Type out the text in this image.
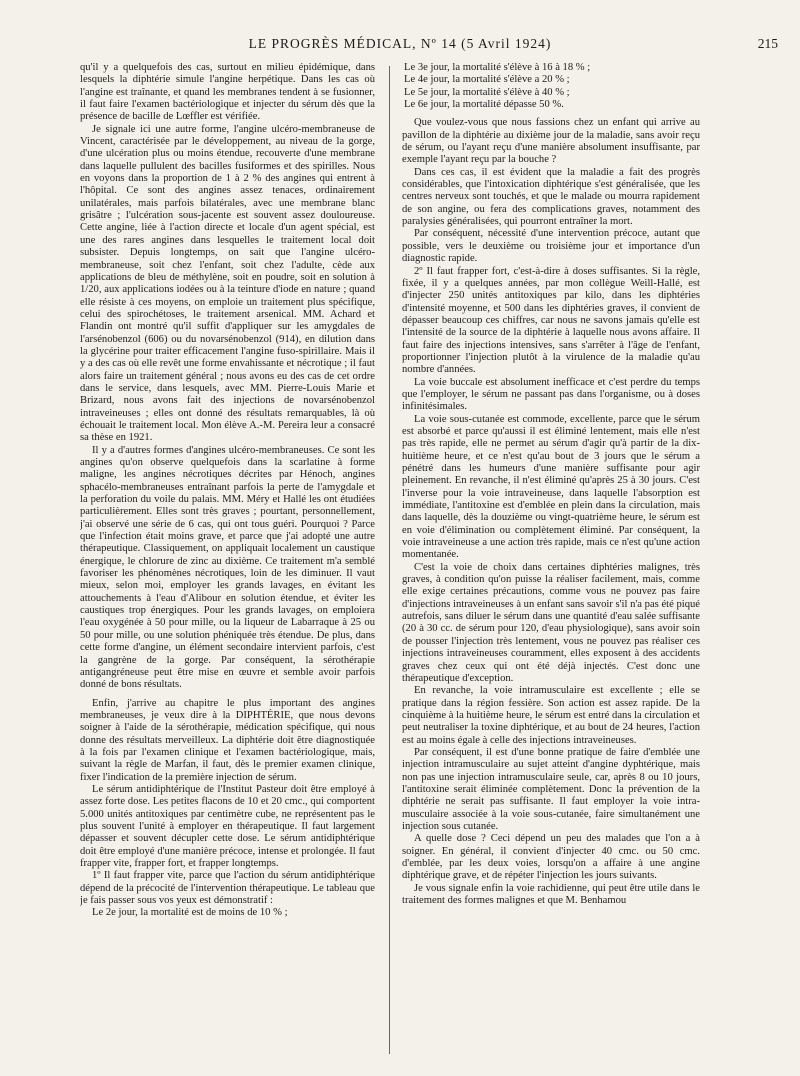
LE PROGRÈS MÉDICAL, Nº 14 (5 Avril 1924)	215

qu'il y a quelquefois des cas, surtout en milieu épidémique, dans lesquels la diphtérie simule l'angine herpétique. Dans les cas où l'angine est traînante, et quand les membranes tendent à se fusionner, il faut faire l'examen bactériologique et injecter du sérum dès que la présence de bacille de Lœffler est vérifiée.

Je signale ici une autre forme, l'angine ulcéro-membraneuse de Vincent, caractérisée par le développement, au niveau de la gorge, d'une ulcération plus ou moins étendue, recouverte d'une membrane dans laquelle pullulent des bacilles fusiformes et des spirilles. Nous en voyons dans la proportion de 1 à 2 % des angines qui entrent à l'hôpital. Ce sont des angines assez tenaces, ordinairement unilatérales, mais parfois bilatérales, avec une membrane blanc grisâtre ; l'ulcération sous-jacente est souvent assez douloureuse. Cette angine, liée à l'action directe et locale d'un agent spécial, est une des rares angines dans lesquelles le traitement local doit subsister. Depuis longtemps, on sait que l'angine ulcéro-membraneuse, soit chez l'enfant, soit chez l'adulte, cède aux applications de bleu de méthylène, soit en poudre, soit en solution à 1/20, aux applications iodées ou à la teinture d'iode en nature ; quand elle résiste à ces moyens, on emploie un traitement plus spécifique, celui des spirochétoses, le traitement arsenical. MM. Achard et Flandin ont montré qu'il suffit d'appliquer sur les amygdales de l'arsénobenzol (606) ou du novarsénobenzol (914), en dilution dans la glycérine pour traiter efficacement l'angine fuso-spirillaire. Mais il y a des cas où elle revêt une forme envahissante et nécrotique ; il faut alors faire un traitement général ; nous avons eu des cas de cet ordre dans le service, dans lesquels, avec MM. Pierre-Louis Marie et Brizard, nous avons fait des injections de novarsénobenzol intraveineuses ; elles ont donné des résultats remarquables, là où échouait le traitement local. Mon élève A.-M. Pereira leur a consacré sa thèse en 1921.

Il y a d'autres formes d'angines ulcéro-membraneuses. Ce sont les angines qu'on observe quelquefois dans la scarlatine à forme maligne, les angines nécrotiques décrites par Hénoch, angines sphacélo-membraneuses entraînant parfois la perte de l'amygdale et la perforation du voile du palais. MM. Méry et Hallé les ont étudiées particulièrement. Elles sont très graves ; pourtant, personnellement, j'ai observé une série de 6 cas, qui ont tous guéri. Pourquoi ? Parce que l'infection était moins grave, et parce que j'ai adopté une autre thérapeutique. Classiquement, on appliquait localement un caustique énergique, le chlorure de zinc au dixième. Ce traitement m'a semblé favoriser les phénomènes nécrotiques, loin de les diminuer. Il vaut mieux, selon moi, employer les grands lavages, en évitant les attouchements à l'eau d'Alibour en solution étendue, et éviter les caustiques trop énergiques. Pour les grands lavages, on emploiera l'eau oxygénée à 50 pour mille, ou la liqueur de Labarraque à 25 ou 50 pour mille, ou une solution phéniquée très étendue. De plus, dans cette forme d'angine, un élément secondaire intervient parfois, c'est la gangrène de la gorge. Par conséquent, la sérothérapie antigangréneuse peut être mise en œuvre et semble avoir parfois donné de bons résultats.

Enfin, j'arrive au chapitre le plus important des angines membraneuses, je veux dire à la DIPHTÉRIE, que nous devons soigner à l'aide de la sérothérapie, médication spécifique, qui nous donne des résultats merveilleux. La diphtérie doit être diagnostiquée à la fois par l'examen clinique et l'examen bactériologique, mais, suivant la règle de Marfan, il faut, dès le premier examen clinique, fixer l'indication de la première injection de sérum.

Le sérum antidiphtérique de l'Institut Pasteur doit être employé à assez forte dose. Les petites flacons de 10 et 20 cmc., qui comportent 5.000 unités antitoxiques par centimètre cube, ne représentent pas le plus souvent l'unité à employer en thérapeutique. Il faut largement dépasser et souvent décupler cette dose. Le sérum antidiphtérique doit être employé d'une manière précoce, intense et prolongée. Il faut frapper vite, frapper fort, et frapper longtemps.

1º Il faut frapper vite, parce que l'action du sérum antidiphtérique dépend de la précocité de l'intervention thérapeutique. Le tableau que je fais passer sous vos yeux est démonstratif :

Le 2e jour, la mortalité est de moins de 10 % ;

Le 3e jour, la mortalité s'élève à 16 à 18 % ;

Le 4e jour, la mortalité s'élève a 20 % ;

Le 5e jour, la mortalité s'élève à 40 % ;

Le 6e jour, la mortalité dépasse 50 %.

Que voulez-vous que nous fassions chez un enfant qui arrive au pavillon de la diphtérie au dixième jour de la maladie, sans avoir reçu de sérum, ou l'ayant reçu d'une manière absolument insuffisante, par exemple l'ayant reçu par la bouche ?

Dans ces cas, il est évident que la maladie a fait des progrès considérables, que l'intoxication diphtérique s'est généralisée, que les centres nerveux sont touchés, et que le malade ou mourra rapidement de son angine, ou fera des complications graves, notamment des paralysies généralisées, qui pourront entraîner la mort.

Par conséquent, nécessité d'une intervention précoce, autant que possible, vers le deuxième ou troisième jour et importance d'un diagnostic rapide.

2º Il faut frapper fort, c'est-à-dire à doses suffisantes. Si la règle, fixée, il y a quelques années, par mon collègue Weill-Hallé, est d'injecter 250 unités antitoxiques par kilo, dans les diphtéries d'intensité moyenne, et 500 dans les diphtéries graves, il convient de dépasser beaucoup ces chiffres, car nous ne savons jamais qu'elle est l'intensité de la source de la diphtérie à laquelle nous avons affaire. Il faut faire des injections intensives, sans s'arrêter à l'âge de l'enfant, proportionner l'injection plutôt à la virulence de la maladie qu'au nombre d'années.

La voie buccale est absolument inefficace et c'est perdre du temps que l'employer, le sérum ne passant pas dans l'organisme, ou à doses infinitésimales.

La voie sous-cutanée est commode, excellente, parce que le sérum est absorbé et parce qu'aussi il est éliminé lentement, mais elle n'est pas très rapide, elle ne permet au sérum d'agir qu'à partir de la dix-huitième heure, et ce n'est qu'au bout de 3 jours que le sérum a pénétré dans les humeurs d'une manière suffisante pour agir pleinement. En revanche, il n'est éliminé qu'après 25 à 30 jours. C'est l'inverse pour la voie intraveineuse, dans laquelle l'absorption est immédiate, l'antitoxine est d'emblée en plein dans la circulation, mais dans laquelle, dès la douzième ou vingt-quatrième heure, le sérum est en voie d'élimination ou complètement éliminé. Par conséquent, la voie intraveineuse a une action très rapide, mais ce n'est qu'une action momentanée.

C'est la voie de choix dans certaines diphtéries malignes, très graves, à condition qu'on puisse la réaliser facilement, mais, comme elle exige certaines précautions, comme vous ne pouvez pas faire d'injections intraveineuses à un enfant sans savoir s'il n'a pas été piqué autrefois, sans diluer le sérum dans une quantité d'eau salée suffisante (20 à 30 cc. de sérum pour 120, d'eau physiologique), sans avoir soin de pousser l'injection très lentement, vous ne pouvez pas réaliser ces injections intraveineuses couramment, elles exposent à des accidents graves chez ceux qui ont été déjà injectés. C'est donc une thérapeutique d'exception.

En revanche, la voie intramusculaire est excellente ; elle se pratique dans la région fessière. Son action est assez rapide. De la cinquième à la huitième heure, le sérum est entré dans la circulation et peut neutraliser la toxine diphtérique, et au bout de 24 heures, l'action est au moins égale à celle des injections intraveineuses.

Par conséquent, il est d'une bonne pratique de faire d'emblée une injection intramusculaire au sujet atteint d'angine dyphtérique, mais non pas une injection intramusculaire seule, car, après 8 ou 10 jours, l'antitoxine serait éliminée complètement. Donc la prévention de la diphtérie ne serait pas suffisante. Il faut employer la voie intra-musculaire associée à la voie sous-cutanée, faire simultanément une injection sous cutanée.

A quelle dose ? Ceci dépend un peu des malades que l'on a à soigner. En général, il convient d'injecter 40 cmc. ou 50 cmc. d'emblée, par les deux voies, lorsqu'on a affaire à une angine diphtérique grave, et de répéter l'injection les jours suivants.

Je vous signale enfin la voie rachidienne, qui peut être utile dans le traitement des formes malignes et que M. Benhamou
